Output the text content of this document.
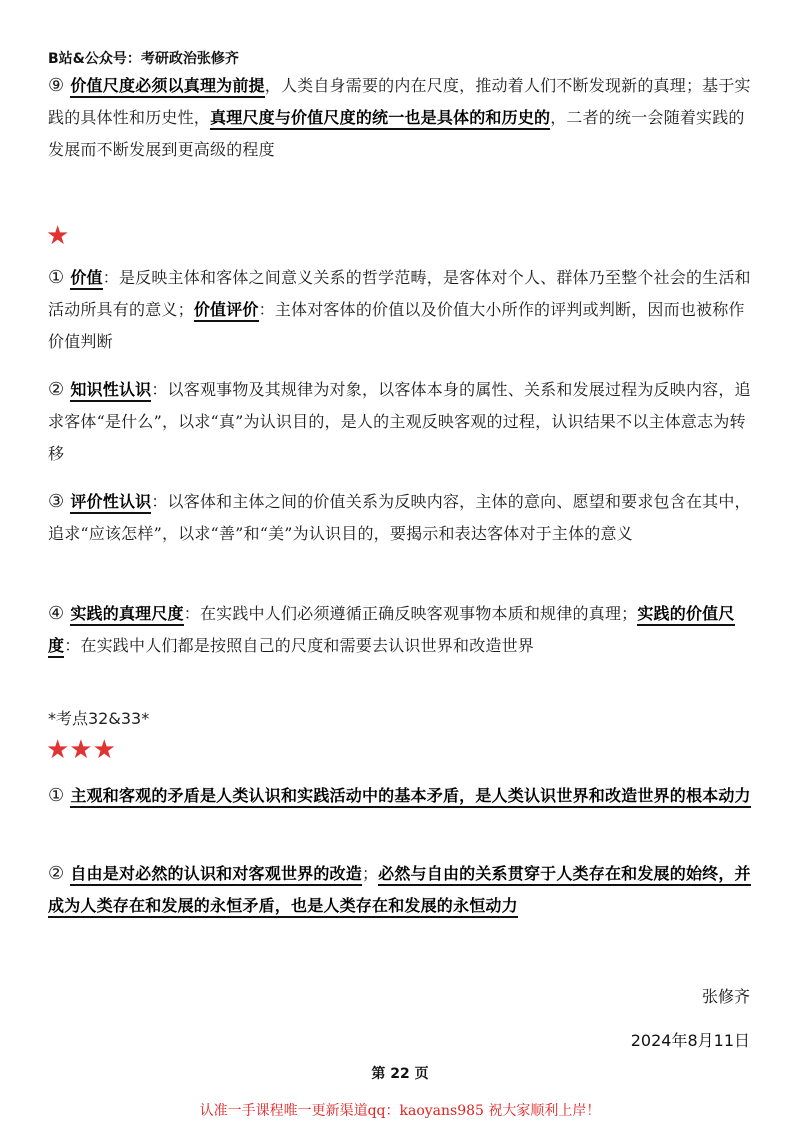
B站&公众号：考研政治张修齐
⑨ 价值尺度必须以真理为前提，人类自身需要的内在尺度，推动着人们不断发现新的真理；基于实践的具体性和历史性，真理尺度与价值尺度的统一也是具体的和历史的，二者的统一会随着实践的发展而不断发展到更高级的程度
★
① 价值：是反映主体和客体之间意义关系的哲学范畴，是客体对个人、群体乃至整个社会的生活和活动所具有的意义；价值评价：主体对客体的价值以及价值大小所作的评判或判断，因而也被称作价值判断
② 知识性认识：以客观事物及其规律为对象，以客体本身的属性、关系和发展过程为反映内容，追求客体“是什么”，以求“真”为认识目的，是人的主观反映客观的过程，认识结果不以主体意志为转移
③ 评价性认识：以客体和主体之间的价值关系为反映内容，主体的意向、愿望和要求包含在其中，追求“应该怎样”，以求“善”和“美”为认识目的，要揭示和表达客体对于主体的意义
④ 实践的真理尺度：在实践中人们必须遵循正确反映客观事物本质和规律的真理；实践的价值尺度：在实践中人们都是按照自己的尺度和需要去认识世界和改造世界
*考点32&33*
★★★
① 主观和客观的矛盾是人类认识和实践活动中的基本矛盾，是人类认识世界和改造世界的根本动力
② 自由是对必然的认识和对客观世界的改造；必然与自由的关系贯穿于人类存在和发展的始终，并成为人类存在和发展的永恒矛盾，也是人类存在和发展的永恒动力
张修齐
2024年8月11日
第 22 页
认准一手课程唯一更新渠道qq：kaoyans985 祝大家顺利上岸！
